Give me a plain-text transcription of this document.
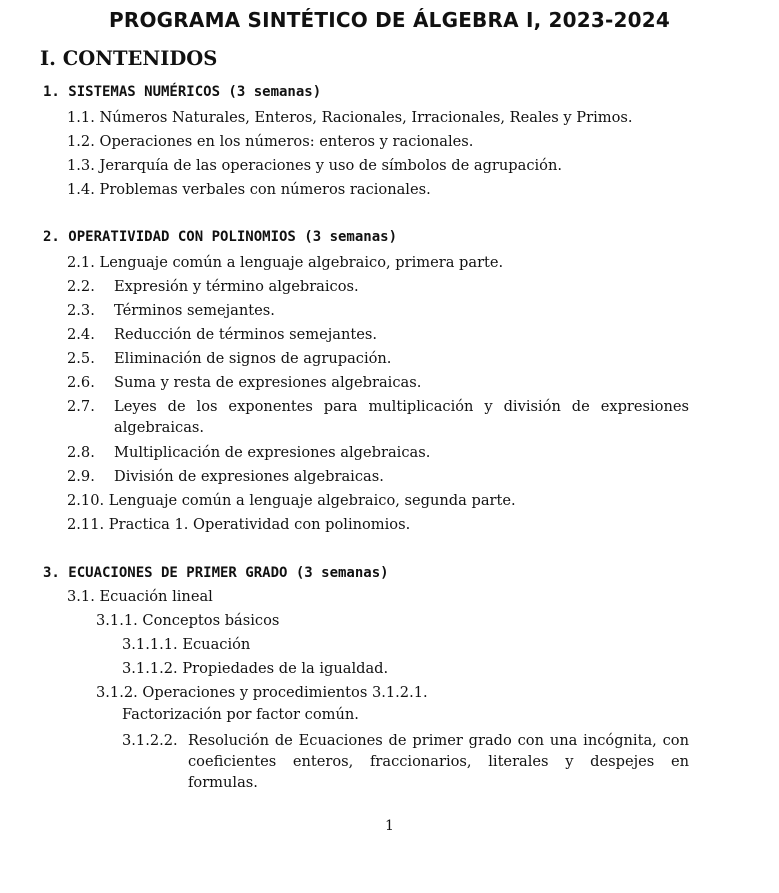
PROGRAMA SINTÉTICO DE ÁLGEBRA I, 2023-2024
I. CONTENIDOS
1. SISTEMAS NUMÉRICOS (3 semanas)
1.1. Números Naturales, Enteros, Racionales, Irracionales, Reales y Primos.
1.2. Operaciones en los números: enteros y racionales.
1.3. Jerarquía de las operaciones y uso de símbolos de agrupación.
1.4. Problemas verbales con números racionales.
2. OPERATIVIDAD CON POLINOMIOS (3 semanas)
2.1. Lenguaje común a lenguaje algebraico, primera parte.
2.2. Expresión y término algebraicos.
2.3. Términos semejantes.
2.4. Reducción de términos semejantes.
2.5. Eliminación de signos de agrupación.
2.6. Suma y resta de expresiones algebraicas.
2.7. Leyes de los exponentes para multiplicación y división de expresiones algebraicas.
2.8. Multiplicación de expresiones algebraicas.
2.9. División de expresiones algebraicas.
2.10. Lenguaje común a lenguaje algebraico, segunda parte.
2.11. Practica 1. Operatividad con polinomios.
3. ECUACIONES DE PRIMER GRADO (3 semanas)
3.1. Ecuación lineal
3.1.1. Conceptos básicos
3.1.1.1. Ecuación
3.1.1.2. Propiedades de la igualdad.
3.1.2. Operaciones y procedimientos 3.1.2.1.
Factorización por factor común.
3.1.2.2. Resolución de Ecuaciones de primer grado con una incógnita, con coeficientes enteros, fraccionarios, literales y despejes en formulas.
1
